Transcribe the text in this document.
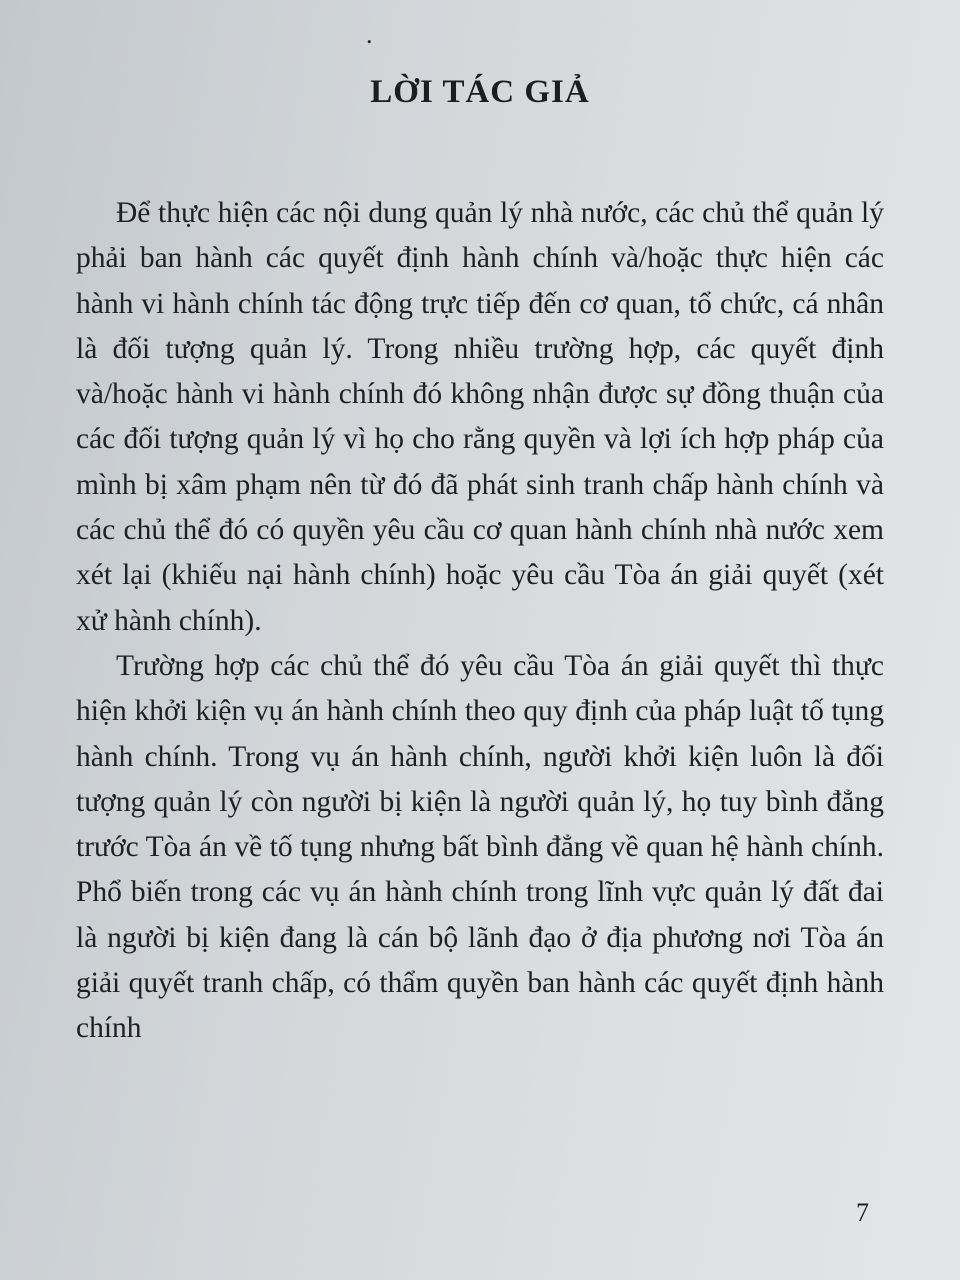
.
LỜI TÁC GIẢ

Để thực hiện các nội dung quản lý nhà nước, các chủ thể quản lý phải ban hành các quyết định hành chính và/hoặc thực hiện các hành vi hành chính tác động trực tiếp đến cơ quan, tổ chức, cá nhân là đối tượng quản lý. Trong nhiều trường hợp, các quyết định và/hoặc hành vi hành chính đó không nhận được sự đồng thuận của các đối tượng quản lý vì họ cho rằng quyền và lợi ích hợp pháp của mình bị xâm phạm nên từ đó đã phát sinh tranh chấp hành chính và các chủ thể đó có quyền yêu cầu cơ quan hành chính nhà nước xem xét lại (khiếu nại hành chính) hoặc yêu cầu Tòa án giải quyết (xét xử hành chính).

Trường hợp các chủ thể đó yêu cầu Tòa án giải quyết thì thực hiện khởi kiện vụ án hành chính theo quy định của pháp luật tố tụng hành chính. Trong vụ án hành chính, người khởi kiện luôn là đối tượng quản lý còn người bị kiện là người quản lý, họ tuy bình đẳng trước Tòa án về tố tụng nhưng bất bình đẳng về quan hệ hành chính. Phổ biến trong các vụ án hành chính trong lĩnh vực quản lý đất đai là người bị kiện đang là cán bộ lãnh đạo ở địa phương nơi Tòa án giải quyết tranh chấp, có thẩm quyền ban hành các quyết định hành chính

7
